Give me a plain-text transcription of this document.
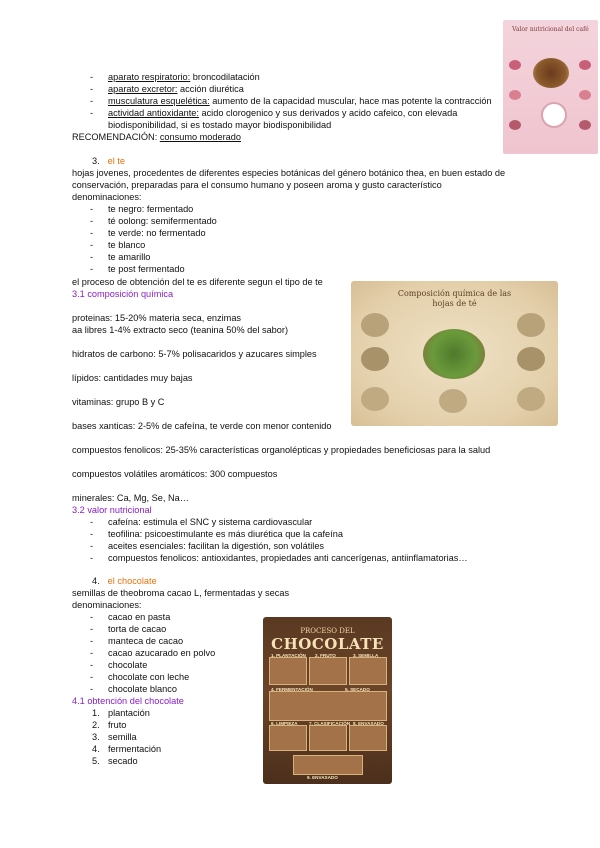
- aparato respiratorio: broncodilatación
- aparato excretor: acción diurética
- musculatura esquelética: aumento de la capacidad muscular, hace mas potente la contracción
- actividad antioxidante: acido clorogenico y sus derivados y acido cafeico, con elevada
biodisponibilidad, si es tostado mayor biodisponibilidad
RECOMENDACIÓN: consumo moderado
3. el te
hojas jovenes, procedentes de diferentes especies botánicas del género botánico thea, en buen estado de
conservación, preparadas para el consumo humano y poseen aroma y gusto característico
denominaciones:
- te negro: fermentado
- té oolong: semifermentado
- te verde: no fermentado
- te blanco
- te amarillo
- te post fermentado
el proceso de obtención del te es diferente segun el tipo de te
3.1 composición química
proteinas: 15-20% materia seca, enzimas
aa libres 1-4% extracto seco (teanina 50% del sabor)
hidratos de carbono: 5-7% polisacaridos y azucares simples
lípidos: cantidades muy bajas
vitaminas: grupo B y C
bases xanticas: 2-5% de cafeína, te verde con menor contenido
compuestos fenolicos: 25-35% características organolépticas y propiedades beneficiosas para la salud
compuestos volátiles aromáticos: 300 compuestos
minerales: Ca, Mg, Se, Na…
3.2 valor nutricional
- cafeína: estimula el SNC y sistema cardiovascular
- teofilina: psicoestimulante es más diurética que la cafeína
- aceites esenciales: facilitan la digestión, son volátiles
- compuestos fenolicos: antioxidantes, propiedades anti cancerígenas, antiinflamatorias…
4. el chocolate
semillas de theobroma cacao L, fermentadas y secas
denominaciones:
- cacao en pasta
- torta de cacao
- manteca de cacao
- cacao azucarado en polvo
- chocolate
- chocolate con leche
- chocolate blanco
4.1 obtención del chocolate
1. plantación
2. fruto
3. semilla
4. fermentación
5. secado
Valor nutricional del café
Composición química de las
hojas de té
PROCESO DEL
CHOCOLATE
1. PLANTACIÓN 2. FRUTO	3. SEMILLA
4. FERMENTACIÓN	5. SECADO
6. LIMPIEZA 7. CLASIFICACIÓN 8. ENVASADO
9. ENVASADO
